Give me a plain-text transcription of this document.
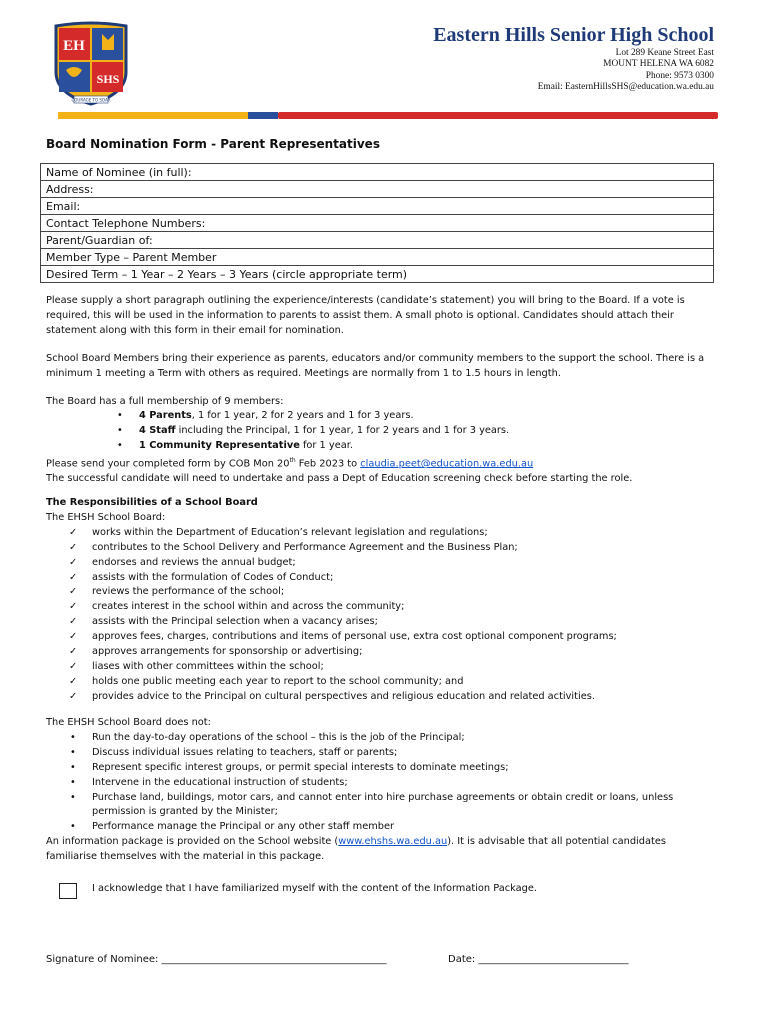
EH
SHS
COURAGE TO SOAR
Eastern Hills Senior High School
Lot 289 Keane Street East
MOUNT HELENA WA 6082
Phone: 9573 0300
Email: EasternHillsSHS@education.wa.edu.au
Board Nomination Form - Parent Representatives
Name of Nominee (in full):
Address:
Email:
Contact Telephone Numbers:
Parent/Guardian of:
Member Type – Parent Member
Desired Term – 1 Year – 2 Years – 3 Years (circle appropriate term)

Please supply a short paragraph outlining the experience/interests (candidate’s statement) you will bring to the Board. If a vote is required, this will be used in the information to parents to assist them. A small photo is optional. Candidates should attach their statement along with this form in their email for nomination.

School Board Members bring their experience as parents, educators and/or community members to the support the school. There is a minimum 1 meeting a Term with others as required. Meetings are normally from 1 to 1.5 hours in length.

The Board has a full membership of 9 members:

• 4 Parents, 1 for 1 year, 2 for 2 years and 1 for 3 years.
• 4 Staff including the Principal, 1 for 1 year, 1 for 2 years and 1 for 3 years.
• 1 Community Representative for 1 year.

Please send your completed form by COB Mon 20th Feb 2023 to claudia.peet@education.wa.edu.au

The successful candidate will need to undertake and pass a Dept of Education screening check before starting the role.

The Responsibilities of a School Board

The EHSH School Board:

✓ works within the Department of Education’s relevant legislation and regulations;
✓ contributes to the School Delivery and Performance Agreement and the Business Plan;
✓ endorses and reviews the annual budget;
✓ assists with the formulation of Codes of Conduct;
✓ reviews the performance of the school;
✓ creates interest in the school within and across the community;
✓ assists with the Principal selection when a vacancy arises;
✓ approves fees, charges, contributions and items of personal use, extra cost optional component programs;
✓ approves arrangements for sponsorship or advertising;
✓ liases with other committees within the school;
✓ holds one public meeting each year to report to the school community; and
✓ provides advice to the Principal on cultural perspectives and religious education and related activities.

The EHSH School Board does not:

• Run the day-to-day operations of the school – this is the job of the Principal;
• Discuss individual issues relating to teachers, staff or parents;
• Represent specific interest groups, or permit special interests to dominate meetings;
• Intervene in the educational instruction of students;
• Purchase land, buildings, motor cars, and cannot enter into hire purchase agreements or obtain credit or loans, unless permission is granted by the Minister;
• Performance manage the Principal or any other staff member

An information package is provided on the School website (www.ehshs.wa.edu.au). It is advisable that all potential candidates familiarise themselves with the material in this package.

I acknowledge that I have familiarized myself with the content of the Information Package.
Signature of Nominee: _____________________________________________	Date: ______________________________
